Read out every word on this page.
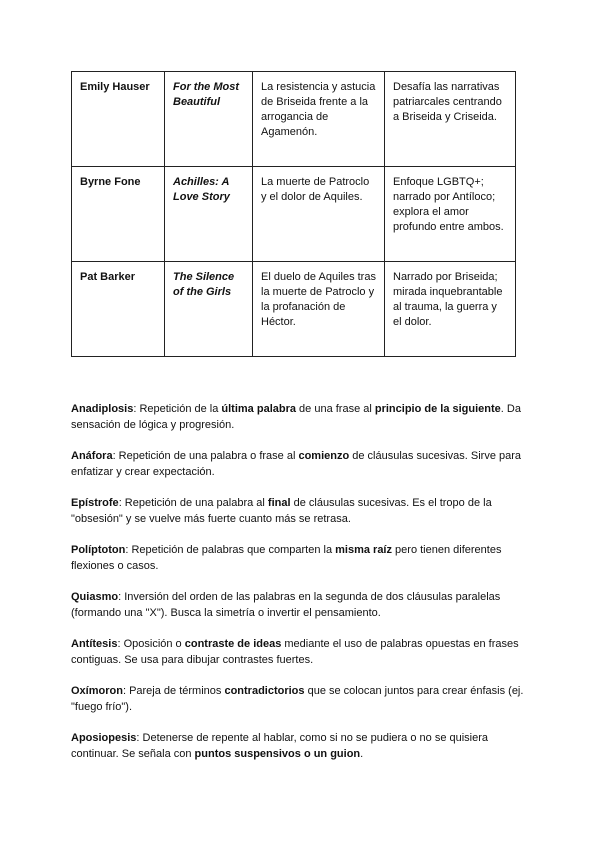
Emily Hauser	For the Most Beautiful	La resistencia y astucia de Briseida frente a la arrogancia de Agamenón.	Desafía las narrativas patriarcales centrando a Briseida y Criseida.
Byrne Fone	Achilles: A Love Story	La muerte de Patroclo y el dolor de Aquiles.	Enfoque LGBTQ+; narrado por Antíloco; explora el amor profundo entre ambos.
Pat Barker	The Silence of the Girls	El duelo de Aquiles tras la muerte de Patroclo y la profanación de Héctor.	Narrado por Briseida; mirada inquebrantable al trauma, la guerra y el dolor.

Anadiplosis: Repetición de la última palabra de una frase al principio de la siguiente. Da sensación de lógica y progresión.

Anáfora: Repetición de una palabra o frase al comienzo de cláusulas sucesivas. Sirve para enfatizar y crear expectación.

Epístrofe: Repetición de una palabra al final de cláusulas sucesivas. Es el tropo de la "obsesión" y se vuelve más fuerte cuanto más se retrasa.

Políptoton: Repetición de palabras que comparten la misma raíz pero tienen diferentes flexiones o casos.

Quiasmo: Inversión del orden de las palabras en la segunda de dos cláusulas paralelas (formando una "X"). Busca la simetría o invertir el pensamiento.

Antítesis: Oposición o contraste de ideas mediante el uso de palabras opuestas en frases contiguas. Se usa para dibujar contrastes fuertes.

Oxímoron: Pareja de términos contradictorios que se colocan juntos para crear énfasis (ej. "fuego frío").

Aposiopesis: Detenerse de repente al hablar, como si no se pudiera o no se quisiera continuar. Se señala con puntos suspensivos o un guion.
